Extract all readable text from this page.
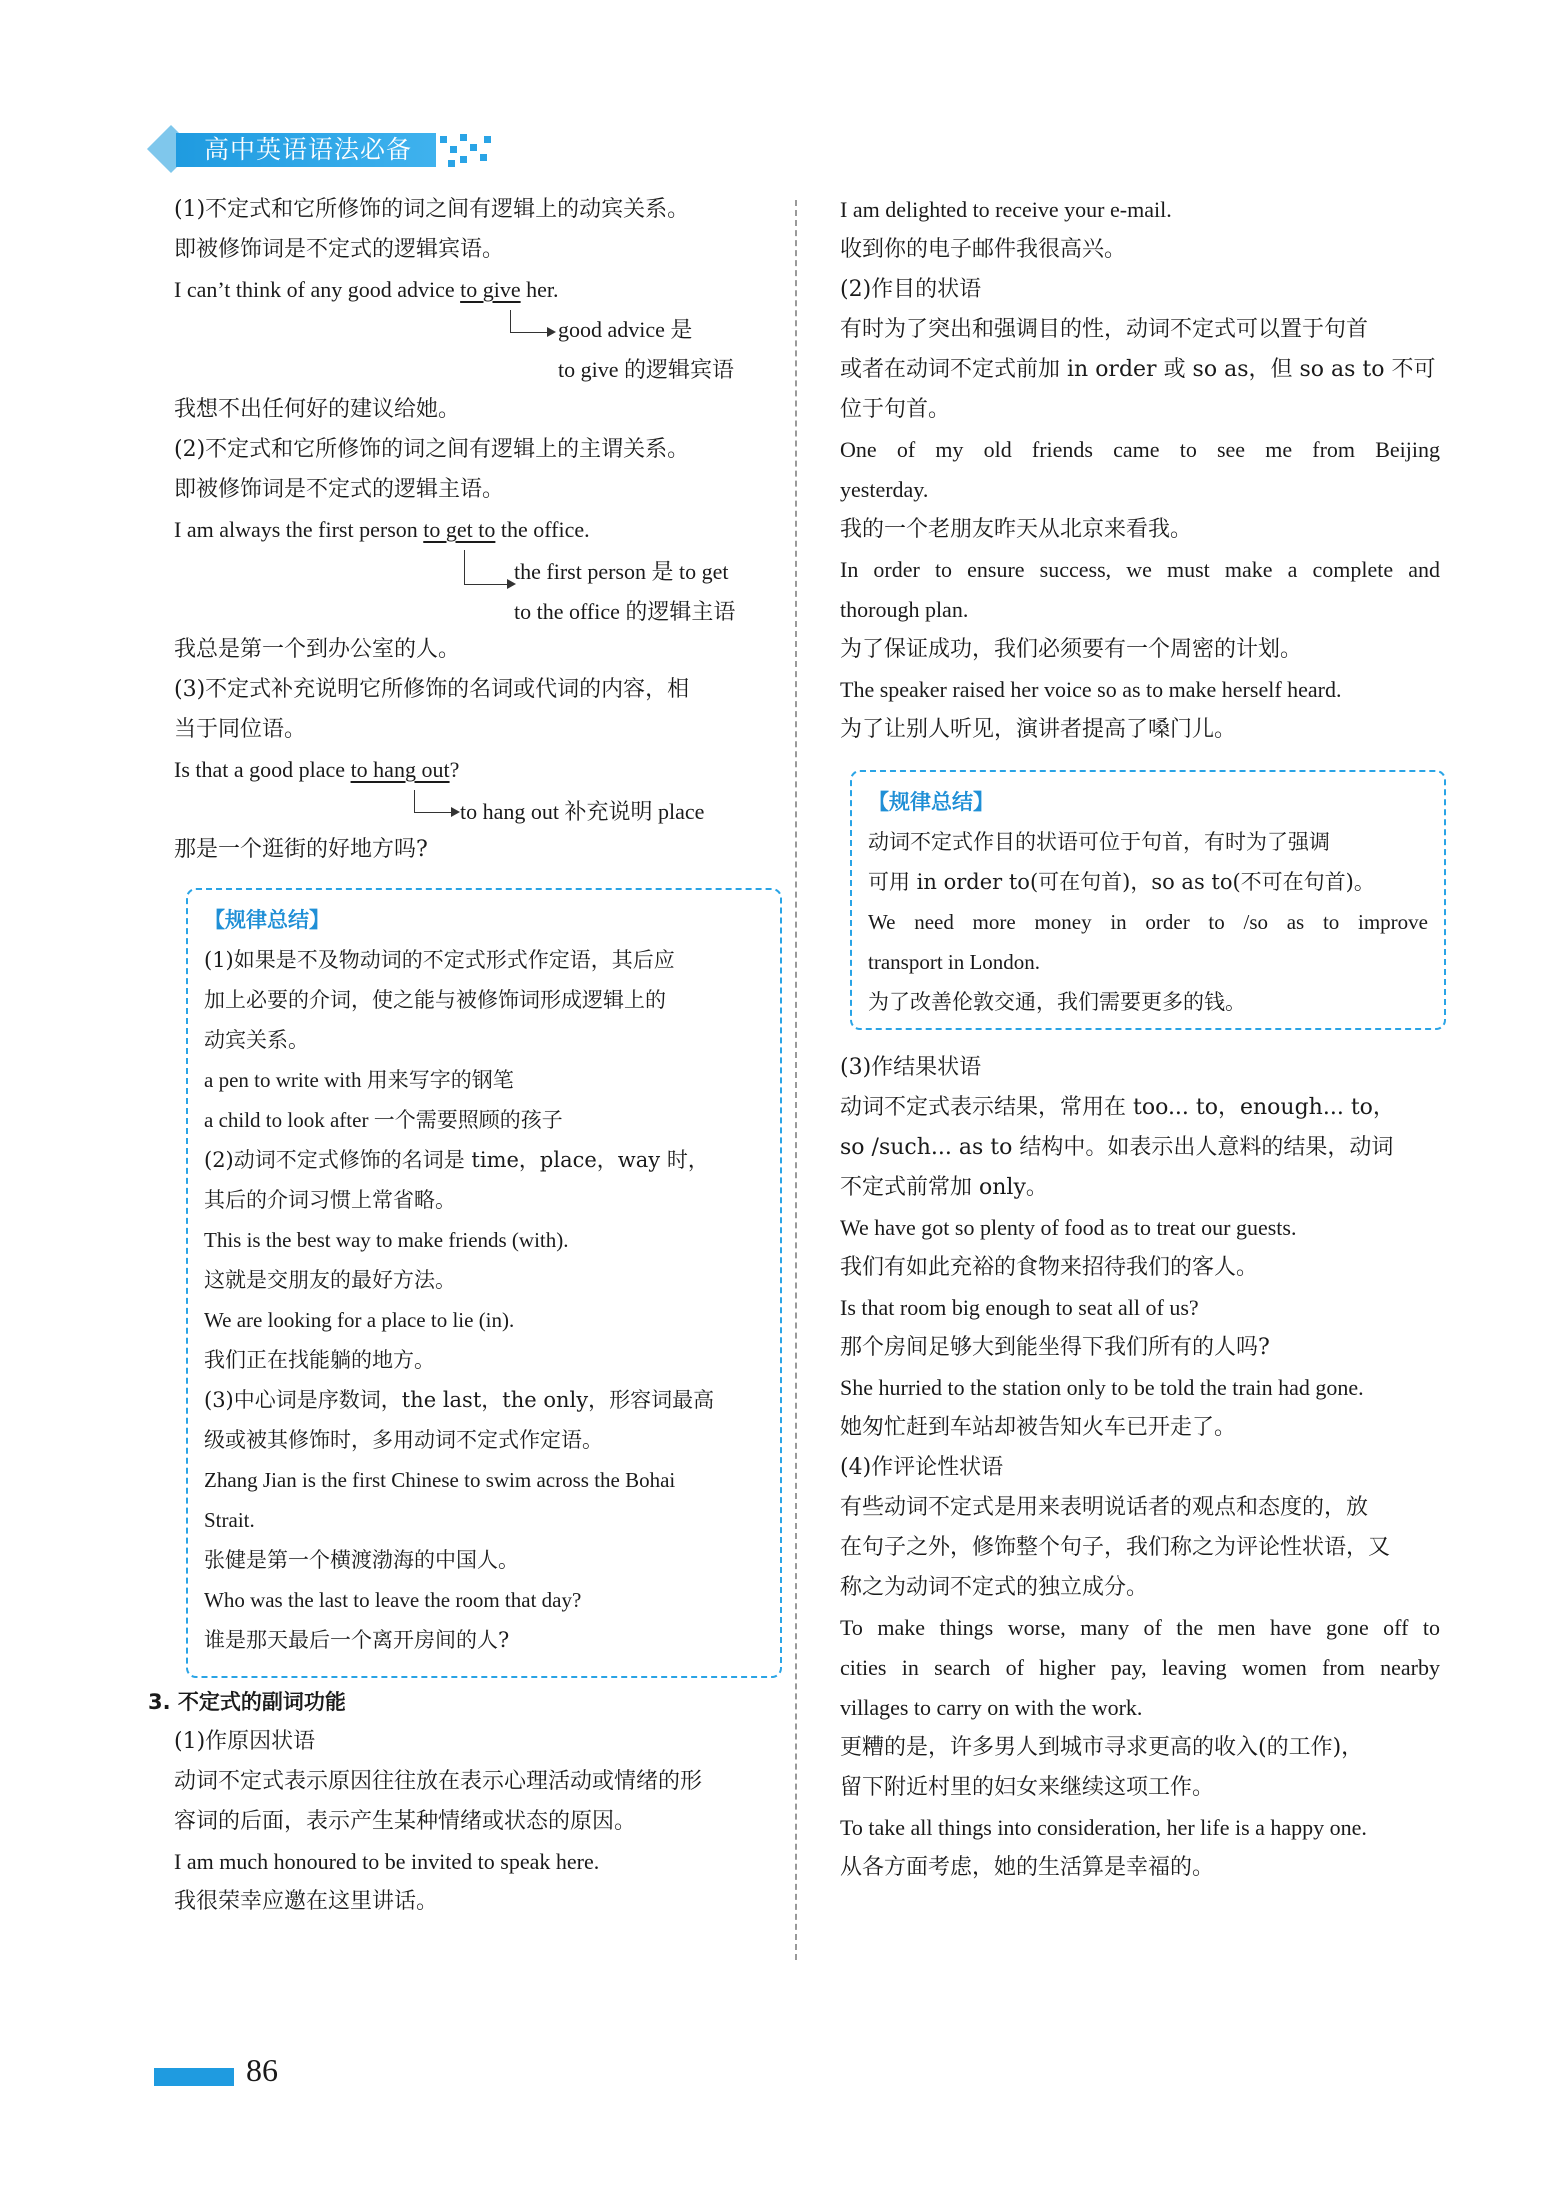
高中英语语法必备
(1)不定式和它所修饰的词之间有逻辑上的动宾关系。
即被修饰词是不定式的逻辑宾语。
I can’t think of any good advice to give her.
good advice 是
to give 的逻辑宾语
我想不出任何好的建议给她。
(2)不定式和它所修饰的词之间有逻辑上的主谓关系。
即被修饰词是不定式的逻辑主语。
I am always the first person to get to the office.
the first person 是 to get
to the office 的逻辑主语
我总是第一个到办公室的人。
(3)不定式补充说明它所修饰的名词或代词的内容，相
当于同位语。
Is that a good place to hang out?
to hang out 补充说明 place
那是一个逛街的好地方吗?
【规律总结】
(1)如果是不及物动词的不定式形式作定语，其后应
加上必要的介词，使之能与被修饰词形成逻辑上的
动宾关系。
a pen to write with 用来写字的钢笔
a child to look after 一个需要照顾的孩子
(2)动词不定式修饰的名词是 time，place，way 时，
其后的介词习惯上常省略。
This is the best way to make friends (with).
这就是交朋友的最好方法。
We are looking for a place to lie (in).
我们正在找能躺的地方。
(3)中心词是序数词，the last，the only，形容词最高
级或被其修饰时，多用动词不定式作定语。
Zhang Jian is the first Chinese to swim across the Bohai
Strait.
张健是第一个横渡渤海的中国人。
Who was the last to leave the room that day?
谁是那天最后一个离开房间的人?
3. 不定式的副词功能
(1)作原因状语
动词不定式表示原因往往放在表示心理活动或情绪的形
容词的后面，表示产生某种情绪或状态的原因。
I am much honoured to be invited to speak here.
我很荣幸应邀在这里讲话。
I am delighted to receive your e-mail.
收到你的电子邮件我很高兴。
(2)作目的状语
有时为了突出和强调目的性，动词不定式可以置于句首
或者在动词不定式前加 in order 或 so as，但 so as to 不可
位于句首。
One of my old friends came to see me from Beijing
yesterday.
我的一个老朋友昨天从北京来看我。
In order to ensure success, we must make a complete and
thorough plan.
为了保证成功，我们必须要有一个周密的计划。
The speaker raised her voice so as to make herself heard.
为了让别人听见，演讲者提高了嗓门儿。
【规律总结】
动词不定式作目的状语可位于句首，有时为了强调
可用 in order to(可在句首)，so as to(不可在句首)。
We need more money in order to /so as to improve
transport in London.
为了改善伦敦交通，我们需要更多的钱。
(3)作结果状语
动词不定式表示结果，常用在 too... to，enough... to，
so /such... as to 结构中。如表示出人意料的结果，动词
不定式前常加 only。
We have got so plenty of food as to treat our guests.
我们有如此充裕的食物来招待我们的客人。
Is that room big enough to seat all of us?
那个房间足够大到能坐得下我们所有的人吗?
She hurried to the station only to be told the train had gone.
她匆忙赶到车站却被告知火车已开走了。
(4)作评论性状语
有些动词不定式是用来表明说话者的观点和态度的，放
在句子之外，修饰整个句子，我们称之为评论性状语，又
称之为动词不定式的独立成分。
To make things worse, many of the men have gone off to
cities in search of higher pay, leaving women from nearby
villages to carry on with the work.
更糟的是，许多男人到城市寻求更高的收入(的工作)，
留下附近村里的妇女来继续这项工作。
To take all things into consideration, her life is a happy one.
从各方面考虑，她的生活算是幸福的。
86
